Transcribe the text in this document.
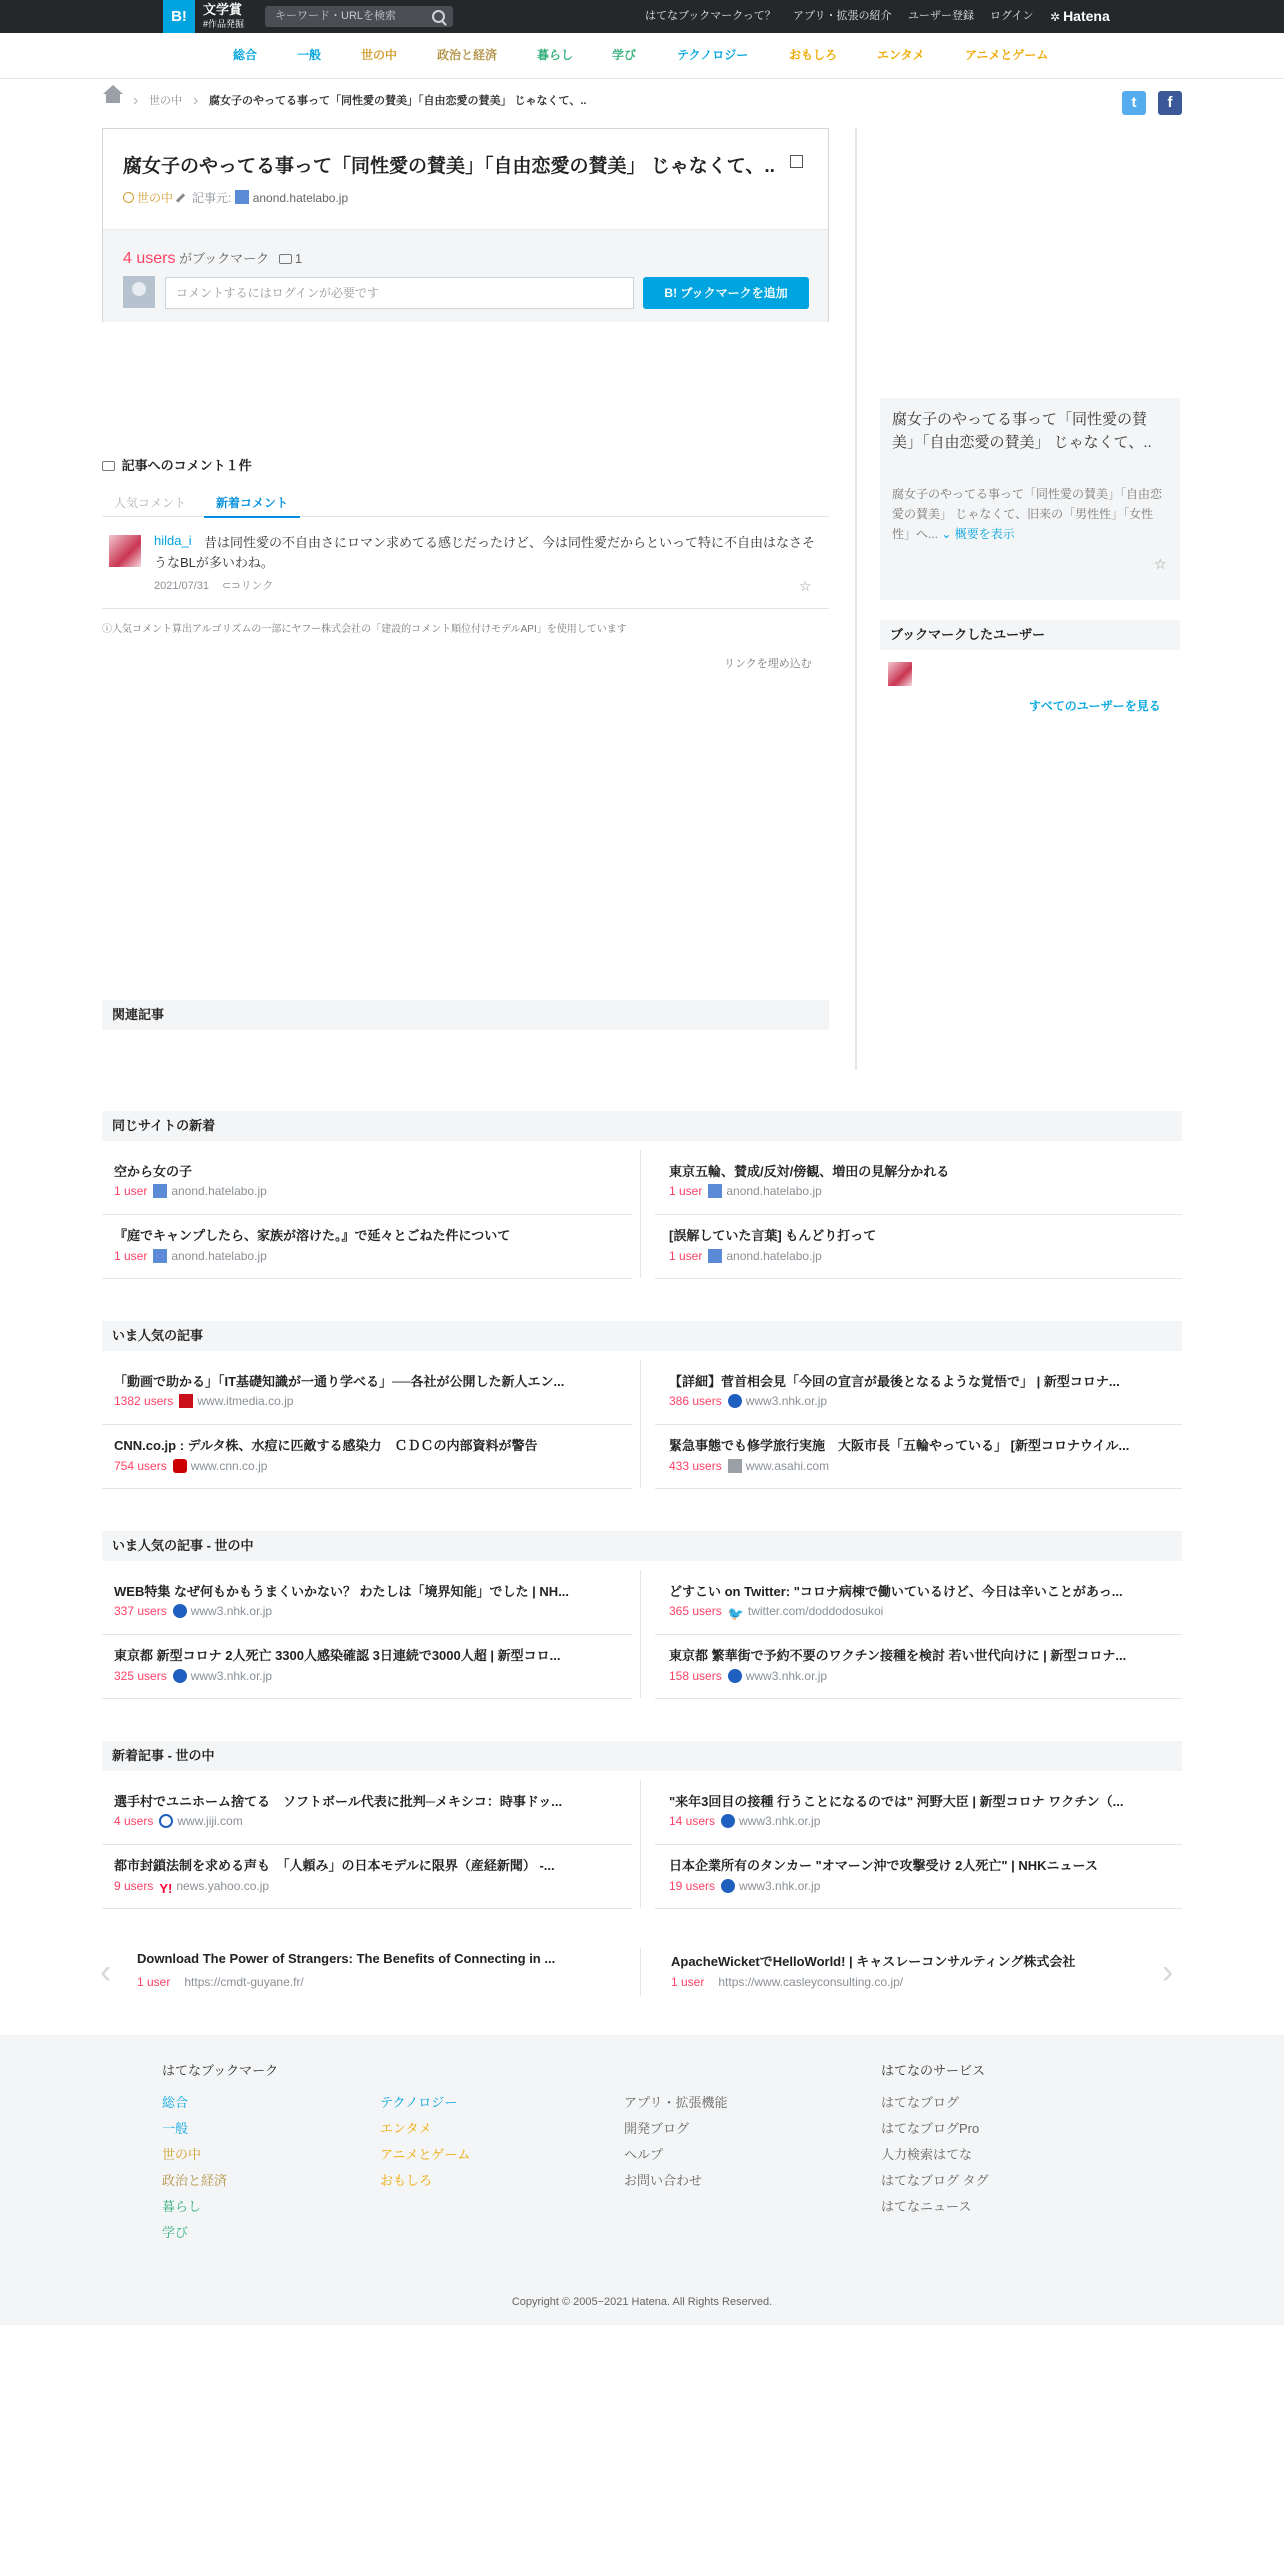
B!	文学賞
#作品発掘
キーワード・URLを検索	はてなブックマークって？ アプリ・拡張の紹介 ユーザー登録 ログイン ✲ Hatena
総合	一般	世の中	政治と経済	暮らし	学び	テクノロジー	おもしろ	エンタメ	アニメとゲーム
› 世の中 › 腐女子のやってる事って「同性愛の賛美」「自由恋愛の賛美」 じゃなくて、..	t	f
腐女子のやってる事って「同性愛の賛美」「自由恋愛の賛美」 じゃなくて、..
世の中 記事元: anond.hatelabo.jp
4 users がブックマーク 1
コメントするにはログインが必要です	B! ブックマークを追加
記事へのコメント１件
人気コメント	新着コメント
昔は同性愛の不自由さにロマン求めてる感じだったけど、今は同性愛だからといって特に不自由はなさそうなBLが多いわね。
hilda_i
2021/07/31 ⊂⊃リンク	☆
ⓘ人気コメント算出アルゴリズムの一部にヤフー株式会社の「建設的コメント順位付けモデルAPI」を使用しています
リンクを埋め込む
関連記事
腐女子のやってる事って「同性愛の賛美」「自由恋愛の賛美」 じゃなくて、..
腐女子のやってる事って「同性愛の賛美」「自由恋愛の賛美」 じゃなくて、旧来の「男性性」「女性性」へ... ⌄ 概要を表示
☆
ブックマークしたユーザー
すべてのユーザーを見る
同じサイトの新着
空から女の子
1 user anond.hatelabo.jp
東京五輪、賛成/反対/傍観、増田の見解分かれる
1 user anond.hatelabo.jp
『庭でキャンプしたら、家族が溶けた。』で延々とごねた件について
1 user anond.hatelabo.jp
[誤解していた言葉] もんどり打って
1 user anond.hatelabo.jp
いま人気の記事
「動画で助かる」「IT基礎知識が一通り学べる」──各社が公開した新人エン...
1382 users www.itmedia.co.jp
【詳細】菅首相会見「今回の宣言が最後となるような覚悟で」 | 新型コロナ...
386 users www3.nhk.or.jp
CNN.co.jp : デルタ株、水痘に匹敵する感染力　ＣＤＣの内部資料が警告
754 users www.cnn.co.jp
緊急事態でも修学旅行実施　大阪市長「五輪やっている」 [新型コロナウイル...
433 users www.asahi.com
いま人気の記事 - 世の中
WEB特集 なぜ何もかもうまくいかない？ わたしは「境界知能」でした | NH...
337 users www3.nhk.or.jp
どすこい on Twitter: "コロナ病棟で働いているけど、今日は辛いことがあっ...
365 users 🐦 twitter.com/doddodosukoi
東京都 新型コロナ 2人死亡 3300人感染確認 3日連続で3000人超 | 新型コロ...
325 users www3.nhk.or.jp
東京都 繁華街で予約不要のワクチン接種を検討 若い世代向けに | 新型コロナ...
158 users www3.nhk.or.jp
新着記事 - 世の中
選手村でユニホーム捨てる　ソフトボール代表に批判─メキシコ：時事ドッ...
4 users www.jiji.com
"来年3回目の接種 行うことになるのでは" 河野大臣 | 新型コロナ ワクチン（...
14 users www3.nhk.or.jp
都市封鎖法制を求める声も　「人頼み」の日本モデルに限界（産経新聞） -...
9 users Y! news.yahoo.co.jp
日本企業所有のタンカー "オマーン沖で攻撃受け 2人死亡" | NHKニュース
19 users www3.nhk.or.jp
‹	›
Download The Power of Strangers: The Benefits of Connecting in ...
1 user https://cmdt-guyane.fr/
ApacheWicketでHelloWorld! | キャスレーコンサルティング株式会社
1 user https://www.casleyconsulting.co.jp/
はてなブックマーク
総合
一般
世の中
政治と経済
暮らし
学び
テクノロジー
エンタメ
アニメとゲーム
おもしろ
アプリ・拡張機能
開発ブログ
ヘルプ
お問い合わせ
はてなのサービス
はてなブログ
はてなブログPro
人力検索はてな
はてなブログ タグ
はてなニュース
Copyright © 2005−2021 Hatena. All Rights Reserved.
